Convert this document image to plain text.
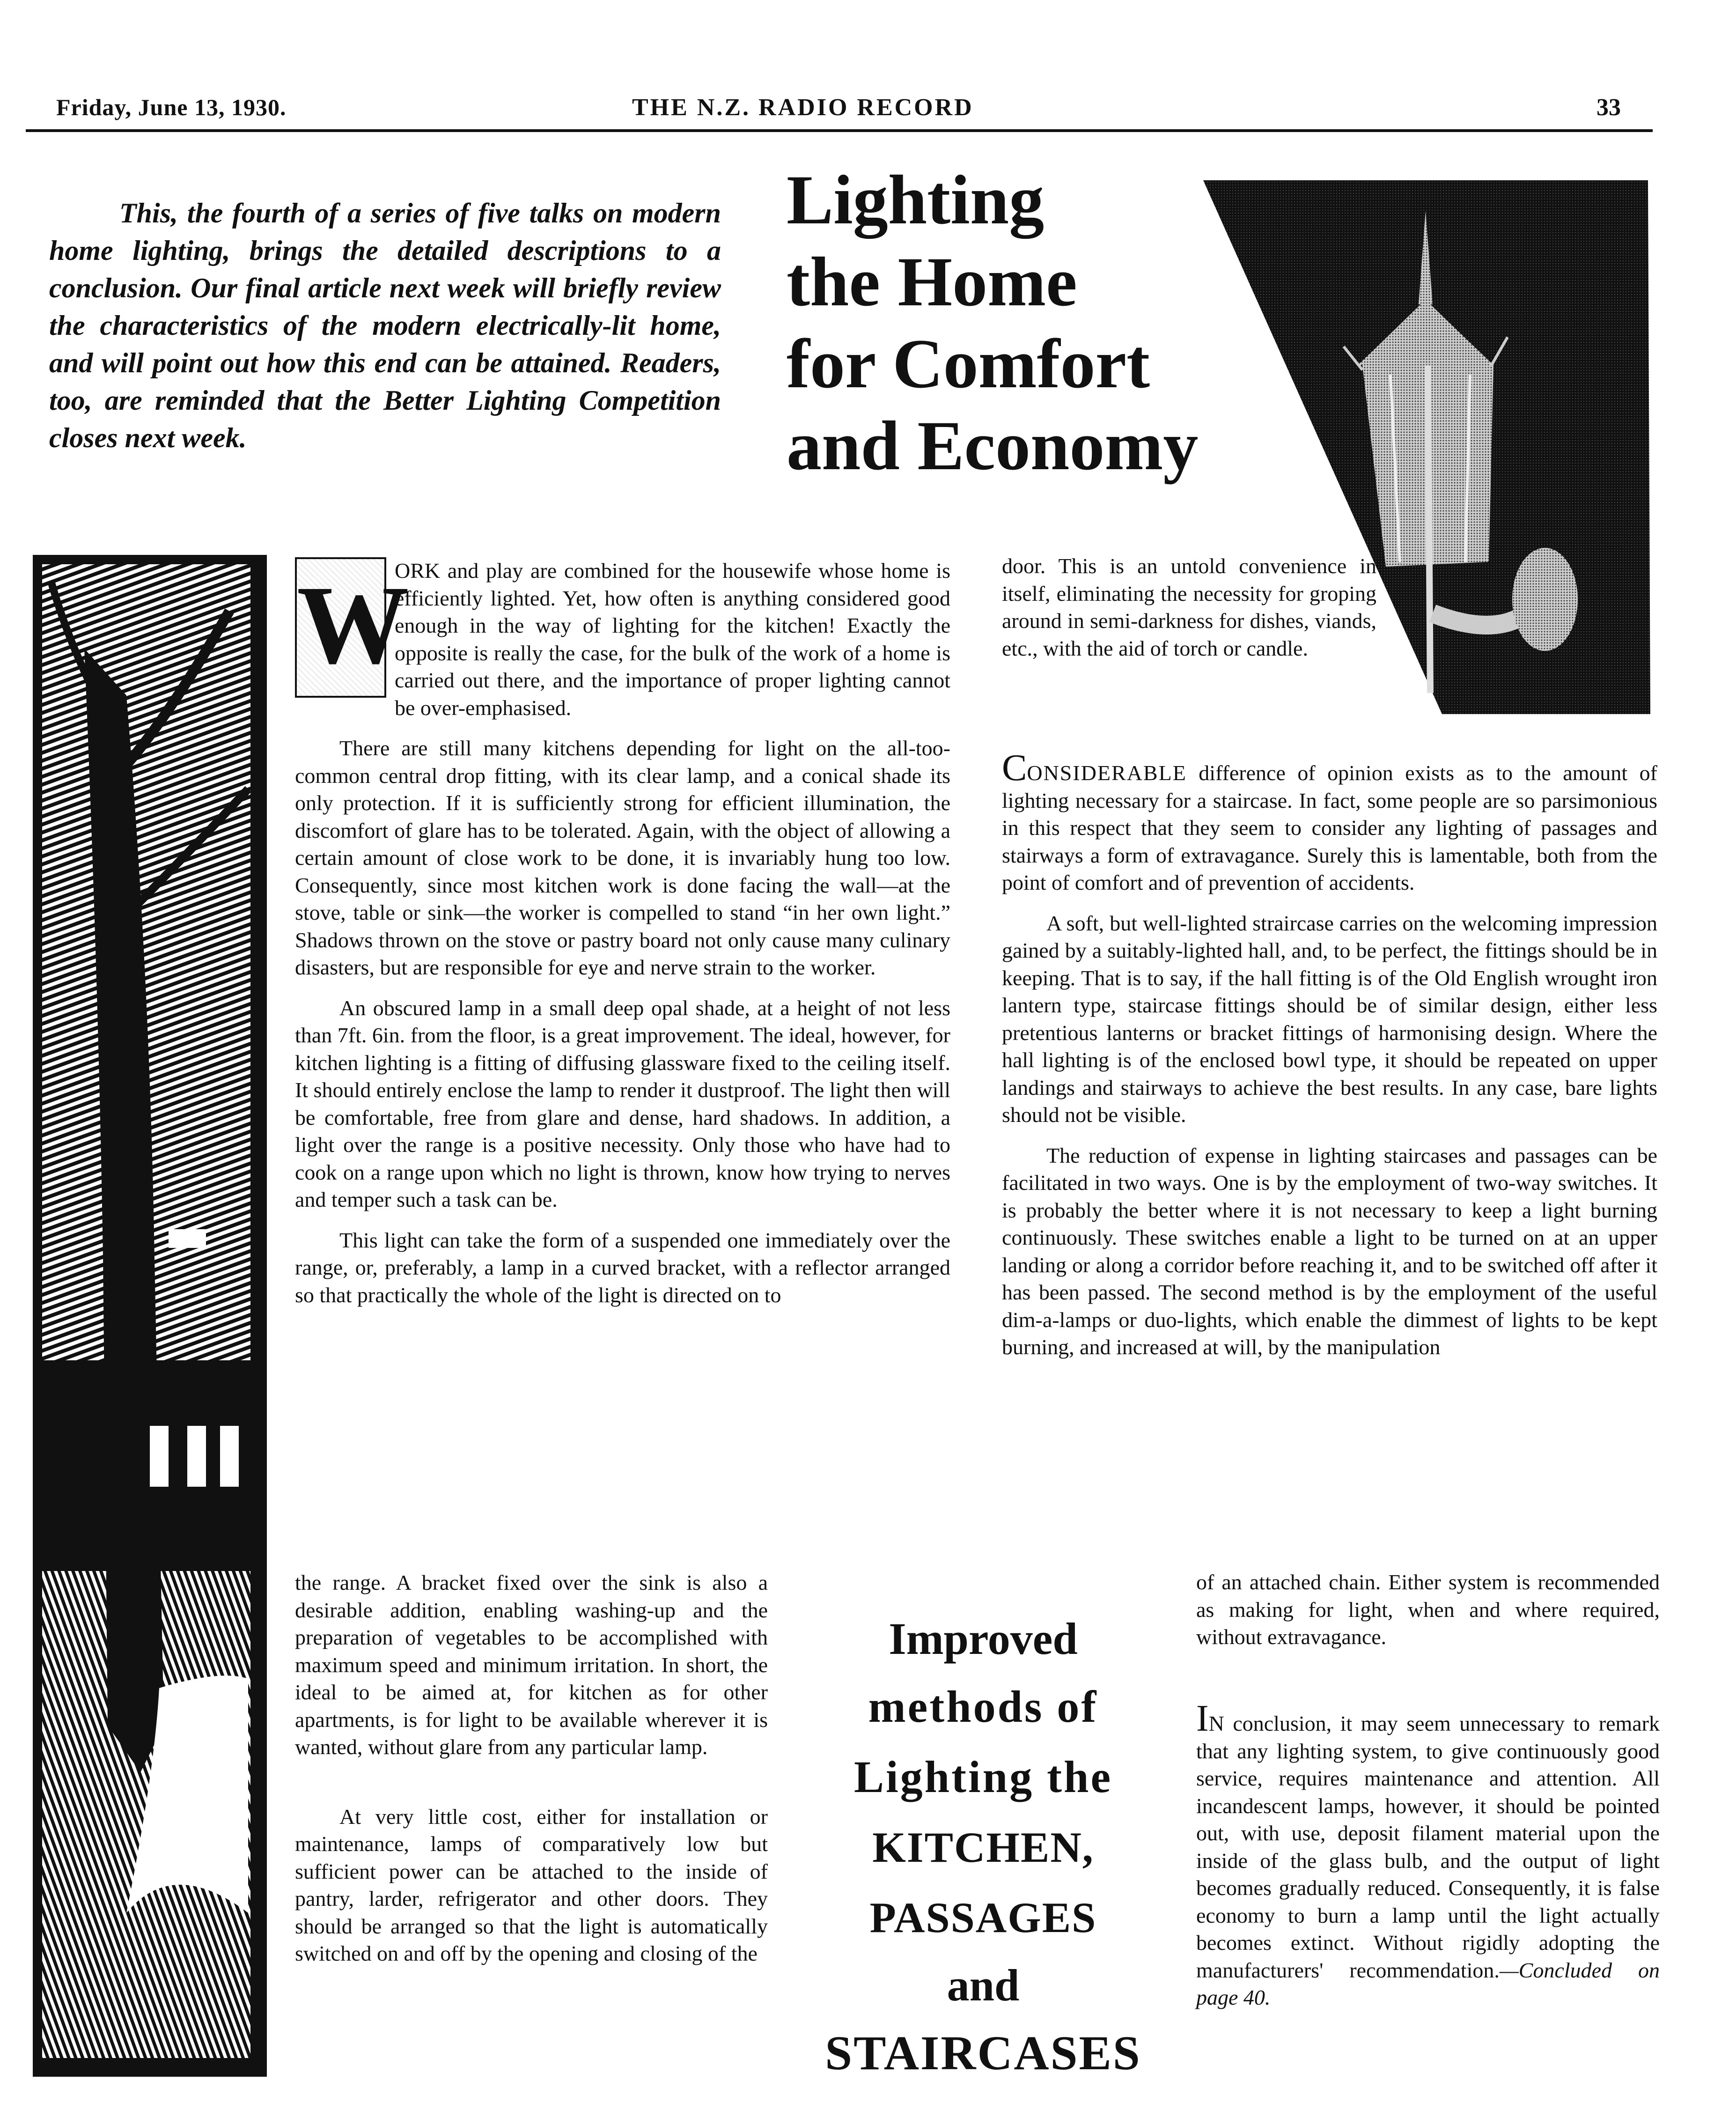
Friday, June 13, 1930.	THE N.Z. RADIO RECORD	33
This, the fourth of a series of five talks on modern home lighting, brings the detailed descriptions to a conclusion. Our final article next week will briefly review the characteristics of the modern electrically-lit home, and will point out how this end can be attained. Readers, too, are reminded that the Better Lighting Competition closes next week.
Lighting
the Home
for Comfort
and Economy

W
ORK and play are combined for the housewife whose home is efficiently lighted. Yet, how often is anything considered good enough in the way of lighting for the kitchen! Exactly the opposite is really the case, for the bulk of the work of a home is carried out there, and the importance of proper lighting cannot be over-emphasised.

There are still many kitchens depending for light on the all-too-common central drop fitting, with its clear lamp, and a conical shade its only protection. If it is sufficiently strong for efficient illumination, the discomfort of glare has to be tolerated. Again, with the object of allowing a certain amount of close work to be done, it is invariably hung too low. Consequently, since most kitchen work is done facing the wall—at the stove, table or sink—the worker is compelled to stand “in her own light.” Shadows thrown on the stove or pastry board not only cause many culinary disasters, but are responsible for eye and nerve strain to the worker.

An obscured lamp in a small deep opal shade, at a height of not less than 7ft. 6in. from the floor, is a great improvement. The ideal, however, for kitchen lighting is a fitting of diffusing glassware fixed to the ceiling itself. It should entirely enclose the lamp to render it dustproof. The light then will be comfortable, free from glare and dense, hard shadows. In addition, a light over the range is a positive necessity. Only those who have had to cook on a range upon which no light is thrown, know how trying to nerves and temper such a task can be.

This light can take the form of a suspended one immediately over the range, or, preferably, a lamp in a curved bracket, with a reflector arranged so that practically the whole of the light is directed on to

the range. A bracket fixed over the sink is also a desirable addition, enabling washing-up and the preparation of vegetables to be accomplished with maximum speed and minimum irritation. In short, the ideal to be aimed at, for kitchen as for other apartments, is for light to be available wherever it is wanted, without glare from any particular lamp.

At very little cost, either for installation or maintenance, lamps of comparatively low but sufficient power can be attached to the inside of pantry, larder, refrigerator and other doors. They should be arranged so that the light is automatically switched on and off by the opening and closing of the

door. This is an untold convenience in itself, eliminating the necessity for groping around in semi-darkness for dishes, viands, etc., with the aid of torch or candle.

CONSIDERABLE difference of opinion exists as to the amount of lighting necessary for a staircase. In fact, some people are so parsimonious in this respect that they seem to consider any lighting of passages and stairways a form of extravagance. Surely this is lamentable, both from the point of comfort and of prevention of accidents.

A soft, but well-lighted straircase carries on the welcoming impression gained by a suitably-lighted hall, and, to be perfect, the fittings should be in keeping. That is to say, if the hall fitting is of the Old English wrought iron lantern type, staircase fittings should be of similar design, either less pretentious lanterns or bracket fittings of harmonising design. Where the hall lighting is of the enclosed bowl type, it should be repeated on upper landings and stairways to achieve the best results. In any case, bare lights should not be visible.

The reduction of expense in lighting staircases and passages can be facilitated in two ways. One is by the employment of two-way switches. It is probably the better where it is not necessary to keep a light burning continuously. These switches enable a light to be turned on at an upper landing or along a corridor before reaching it, and to be switched off after it has been passed. The second method is by the employment of the useful dim-a-lamps or duo-lights, which enable the dimmest of lights to be kept burning, and increased at will, by the manipulation

of an attached chain. Either system is recommended as making for light, when and where required, without extravagance.

IN conclusion, it may seem unnecessary to remark that any lighting system, to give continuously good service, requires maintenance and attention. All incandescent lamps, however, it should be pointed out, with use, deposit filament material upon the inside of the glass bulb, and the output of light becomes gradually reduced. Consequently, it is false economy to burn a lamp until the light actually becomes extinct. Without rigidly adopting the manufacturers' recommendation.—Concluded on page 40.

Improved
methods of
Lighting the
KITCHEN,
PASSAGES
and
STAIRCASES
